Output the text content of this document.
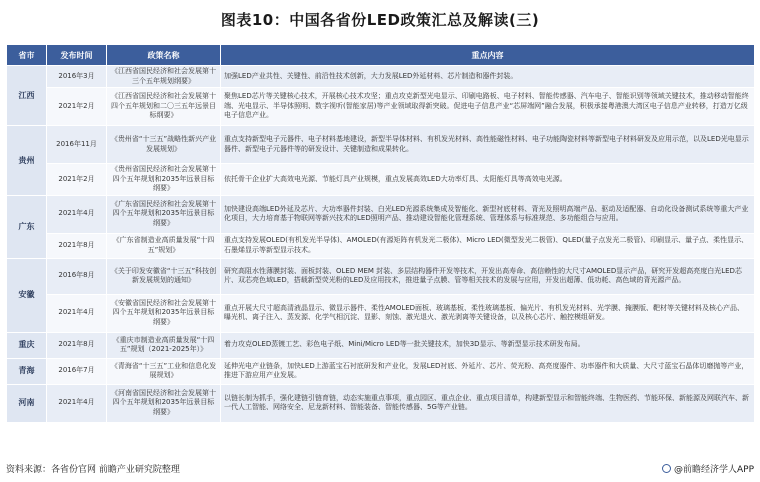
图表10：中国各省份LED政策汇总及解读(三)
省市	发布时间	政策名称	重点内容
江西	2016年3月	《江西省国民经济和社会发展第十三个五年规划纲要》	加强LED产业共性、关键性、前沿性技术创新，大力发展LED外延材料、芯片制造和器件封装。
	2021年2月	《江西省国民经济和社会发展第十四个五年规划和二〇三五年远景目标纲要》	聚焦LED芯片等关键核心技术，开展核心技术攻坚；重点攻克新型光电显示、印刷电路板、电子材料、智能传感器、汽车电子、智能识别等领域关键技术，推动移动智能终端、光电显示、半导体照明、数字视听(智能家居)等产业领域取得新突破。促进电子信息产业“芯屏端网”融合发展，积极承接粤港澳大湾区电子信息产业转移，打造万亿级电子信息产业。
贵州	2016年11月	《贵州省“十三五”战略性新兴产业发展规划》	重点支持新型电子元器件、电子材料基地建设，新型半导体材料、有机发光材料、高性能磁性材料、电子功能陶瓷材料等新型电子材料研发及应用示范，以及LED光电显示器件、新型电子元器件等的研发设计、关键制造和成果转化。
	2021年2月	《贵州省国民经济和社会发展第十四个五年规划和2035年远景目标纲要》	依托骨干企业扩大高效电光源、节能灯具产业规模，重点发展高效LED大功率灯具、太阳能灯具等高效电光源。
广东	2021年4月	《广东省国民经济和社会发展第十四个五年规划和2035年远景目标纲要》	加快建设高端LED外延及芯片、大功率器件封装、白光LED光源系统集成及智能化、新型衬底材料、背光及照明高端产品、驱动及适配器、自动化设备测试系统等重大产业化项目，大力培育基于物联网等新兴技术的LED照明产品、推动建设智能化管理系统、管理体系与标准规范、多功能组合与应用。
	2021年8月	《广东省制造业高质量发展“十四五”规划》	重点支持发展OLED(有机发光半导体)、AMOLED(有源矩阵有机发光二极体)、Micro LED(微型发光二极管)、QLED(量子点发光二极管)、印刷显示、量子点、柔性显示、石墨烯显示等新型显示技术。
安徽	2016年8月	《关于印发安徽省“十三五”科技创新发展规划的通知》	研究高阻水性薄膜封装、面板封装、OLED MEM 封装、多层结构器件开发等技术，开发出高寿命、高信赖性的大尺寸AMOLED显示产品，研究开发超高亮度白光LED芯片、双芯亮色域LED，搭载新型荧光粉的LED及应用技术，推进量子点膜、管等相关技术的发展与应用，开发出超薄、低功耗、高色域的背光源产品。
	2021年4月	《安徽省国民经济和社会发展第十四个五年规划和2035年远景目标纲要》	重点开展大尺寸超高清液晶显示、微显示器件、柔性AMOLED面板、玻璃基板、柔性玻璃基板、偏光片、有机发光材料、光学膜、掩膜版、靶材等关键材料及核心产品、曝光机、离子注入、蒸发源、化学气相沉淀、显影、刻蚀、激光退火、激光剥离等关键设备，以及核心芯片、触控模组研发。
重庆	2021年8月	《重庆市制造业高质量发展“十四五”规划（2021-2025年）》	着力攻克OLED蒸镀工艺、彩色电子纸、Mini/Micro LED等一批关键技术，加快3D显示、等新型显示技术研发布局。
青海	2016年7月	《青海省“十三五”工业和信息化发展规划》	延伸光电产业链条，加快LED上游蓝宝石衬底研发和产业化，发展LED衬底、外延片、芯片、荧光粉、高亮度器件、功率器件和大质量、大尺寸蓝宝石晶体切磨抛等产业，推进下游应用产业发展。
河南	2021年4月	《河南省国民经济和社会发展第十四个五年规划和2035年远景目标纲要》	以链长制为抓手，强化建链引链育链，动态实施重点事项，重点园区、重点企业、重点项目清单，构建新型显示和智能终端、生物医药、节能环保、新能源及网联汽车、新一代人工智能、网络安全、尼龙新材料、智能装备、智能传感器、5G等产业链。
资料来源：各省份官网 前瞻产业研究院整理	@前瞻经济学人APP
